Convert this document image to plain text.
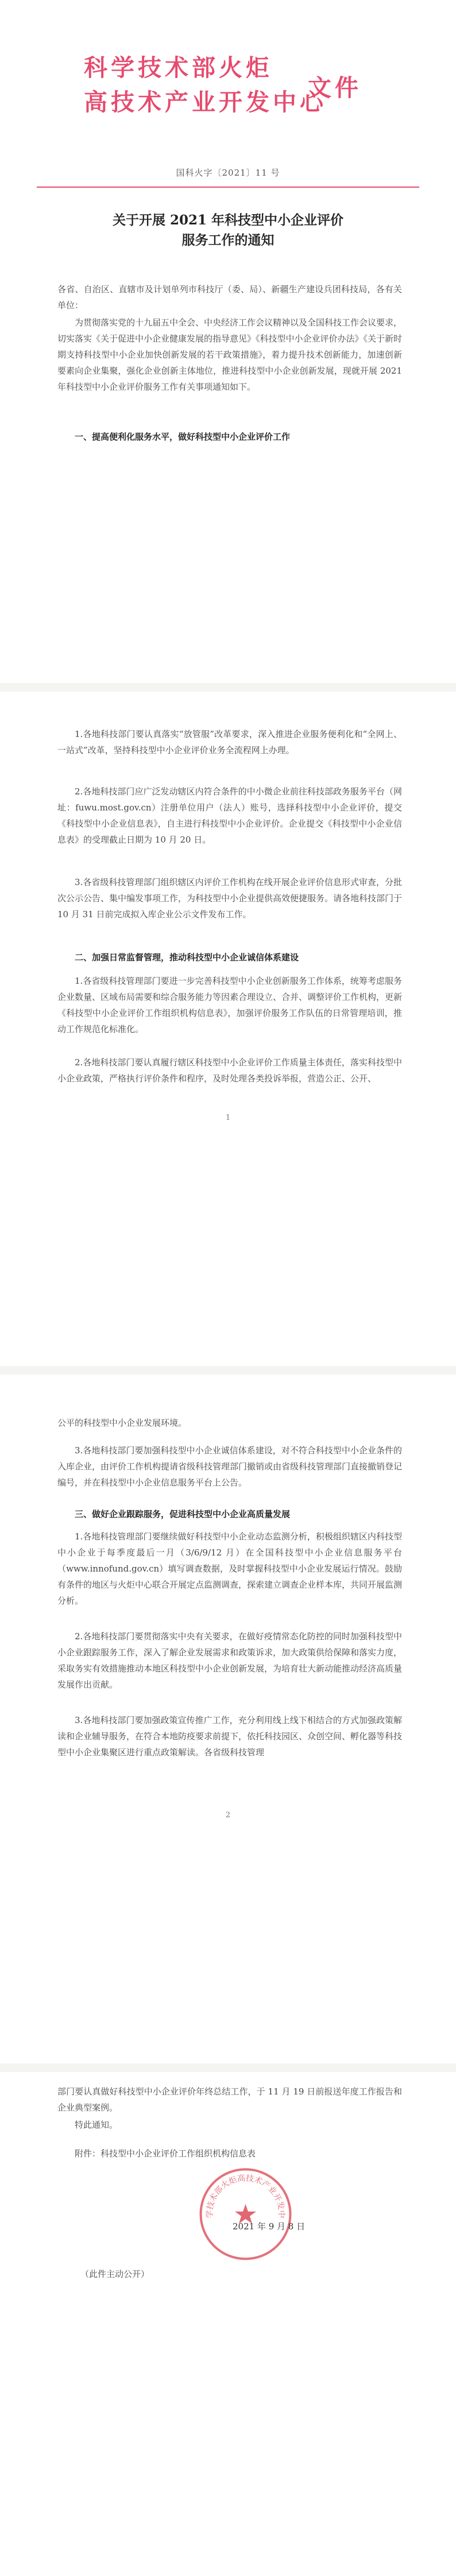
科学技术部火炬
高技术产业开发中心
文件
国科火字〔2021〕11 号
关于开展 2021 年科技型中小企业评价
服务工作的通知

各省、自治区、直辖市及计划单列市科技厅（委、局）、新疆生产建设兵团科技局，各有关单位：

为贯彻落实党的十九届五中全会、中央经济工作会议精神以及全国科技工作会议要求，切实落实《关于促进中小企业健康发展的指导意见》《科技型中小企业评价办法》《关于新时期支持科技型中小企业加快创新发展的若干政策措施》，着力提升技术创新能力，加速创新要素向企业集聚，强化企业创新主体地位，推进科技型中小企业创新发展，现就开展 2021 年科技型中小企业评价服务工作有关事项通知如下。

一、提高便利化服务水平，做好科技型中小企业评价工作

1.各地科技部门要认真落实“放管服”改革要求，深入推进企业服务便利化和“全网上、一站式”改革，坚持科技型中小企业评价业务全流程网上办理。

2.各地科技部门应广泛发动辖区内符合条件的中小微企业前往科技部政务服务平台（网址：fuwu.most.gov.cn）注册单位用户（法人）账号，选择科技型中小企业评价，提交《科技型中小企业信息表》，自主进行科技型中小企业评价。企业提交《科技型中小企业信息表》的受理截止日期为 10 月 20 日。

3.各省级科技管理部门组织辖区内评价工作机构在线开展企业评价信息形式审查，分批次公示公告、集中编发事项工作，为科技型中小企业提供高效便捷服务。请各地科技部门于 10 月 31 日前完成拟入库企业公示文件发布工作。

二、加强日常监督管理，推动科技型中小企业诚信体系建设

1.各省级科技管理部门要进一步完善科技型中小企业创新服务工作体系，统筹考虑服务企业数量、区域布局需要和综合服务能力等因素合理设立、合并、调整评价工作机构，更新《科技型中小企业评价工作组织机构信息表》，加强评价服务工作队伍的日常管理培训，推动工作规范化标准化。

2.各地科技部门要认真履行辖区科技型中小企业评价工作质量主体责任，落实科技型中小企业政策，严格执行评价条件和程序，及时处理各类投诉举报，营造公正、公开、

1

公平的科技型中小企业发展环境。

3.各地科技部门要加强科技型中小企业诚信体系建设，对不符合科技型中小企业条件的入库企业，由评价工作机构提请省级科技管理部门撤销或由省级科技管理部门直接撤销登记编号，并在科技型中小企业信息服务平台上公告。

三、做好企业跟踪服务，促进科技型中小企业高质量发展

1.各地科技管理部门要继续做好科技型中小企业动态监测分析，积极组织辖区内科技型中小企业于每季度最后一月（3/6/9/12 月）在全国科技型中小企业信息服务平台（www.innofund.gov.cn）填写调查数据，及时掌握科技型中小企业发展运行情况。鼓励有条件的地区与火炬中心联合开展定点监测调查，探索建立调查企业样本库，共同开展监测分析。

2.各地科技部门要贯彻落实中央有关要求，在做好疫情常态化防控的同时加强科技型中小企业跟踪服务工作，深入了解企业发展需求和政策诉求，加大政策供给保障和落实力度，采取务实有效措施推动本地区科技型中小企业创新发展，为培育壮大新动能推动经济高质量发展作出贡献。

3.各地科技部门要加强政策宣传推广工作，充分利用线上线下相结合的方式加强政策解读和企业辅导服务，在符合本地防疫要求前提下，依托科技园区、众创空间、孵化器等科技型中小企业集聚区进行重点政策解读。各省级科技管理

2

部门要认真做好科技型中小企业评价年终总结工作，于 11 月 19 日前报送年度工作报告和企业典型案例。

特此通知。

附件：科技型中小企业评价工作组织机构信息表

学技术部火炬高技术产业开发中
2021 年 9 月 8 日

（此件主动公开）
